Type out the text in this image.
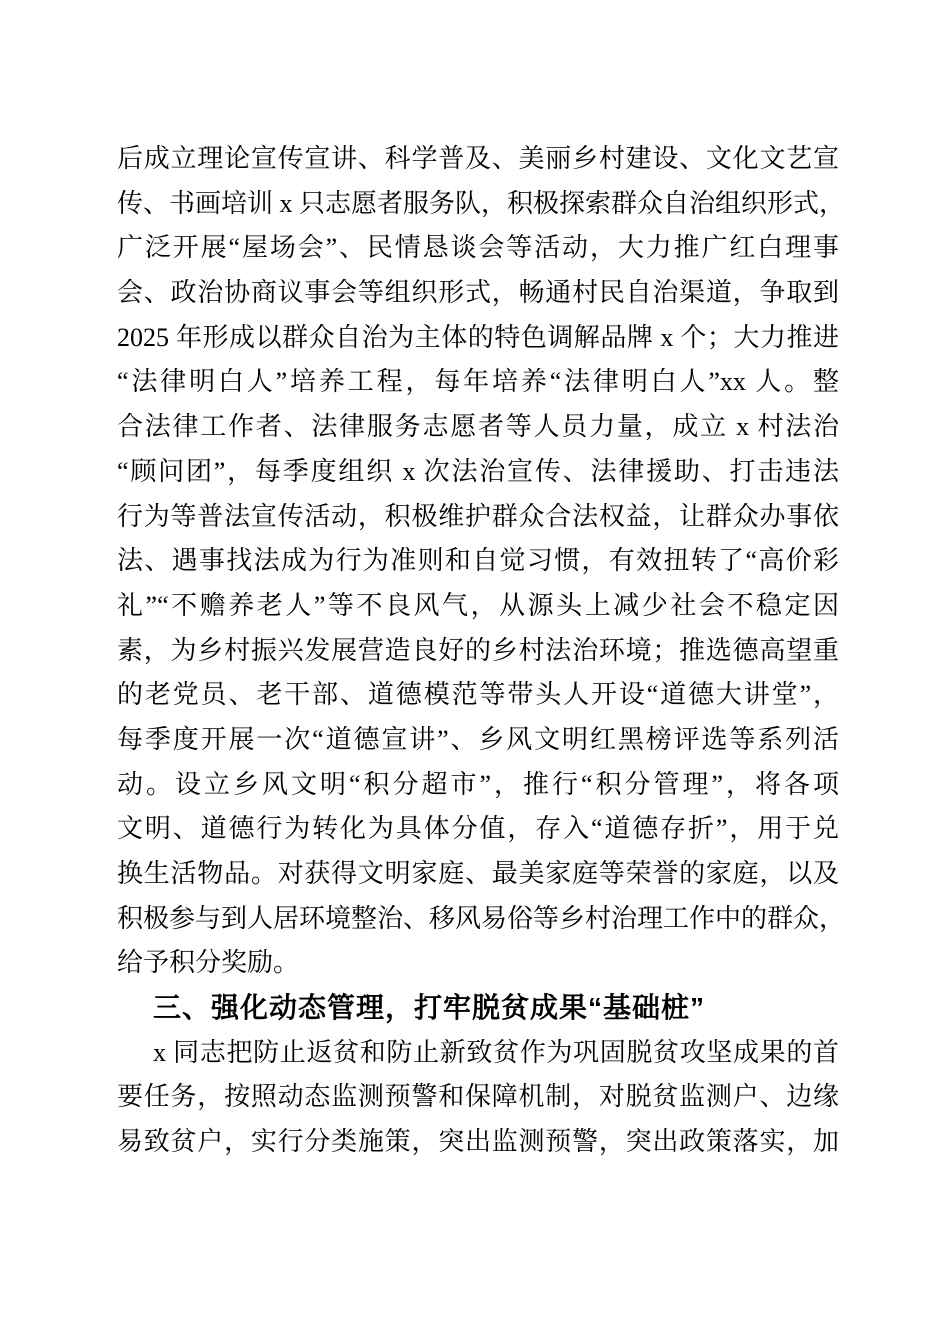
后成立理论宣传宣讲、科学普及、美丽乡村建设、文化文艺宣
传、书画培训 x 只志愿者服务队，积极探索群众自治组织形式，
广泛开展“屋场会”、民情恳谈会等活动，大力推广红白理事
会、政治协商议事会等组织形式，畅通村民自治渠道，争取到
2025 年形成以群众自治为主体的特色调解品牌 x 个；大力推进
“法律明白人”培养工程，每年培养“法律明白人”xx 人。整
合法律工作者、法律服务志愿者等人员力量，成立 x 村法治
“顾问团”，每季度组织 x 次法治宣传、法律援助、打击违法
行为等普法宣传活动，积极维护群众合法权益，让群众办事依
法、遇事找法成为行为准则和自觉习惯，有效扭转了“高价彩
礼”“不赡养老人”等不良风气，从源头上减少社会不稳定因
素，为乡村振兴发展营造良好的乡村法治环境；推选德高望重
的老党员、老干部、道德模范等带头人开设“道德大讲堂”，
每季度开展一次“道德宣讲”、乡风文明红黑榜评选等系列活
动。设立乡风文明“积分超市”，推行“积分管理”，将各项
文明、道德行为转化为具体分值，存入“道德存折”，用于兑
换生活物品。对获得文明家庭、最美家庭等荣誉的家庭，以及
积极参与到人居环境整治、移风易俗等乡村治理工作中的群众，
给予积分奖励。
三、强化动态管理，打牢脱贫成果“基础桩”
x 同志把防止返贫和防止新致贫作为巩固脱贫攻坚成果的首
要任务，按照动态监测预警和保障机制，对脱贫监测户、边缘
易致贫户，实行分类施策，突出监测预警，突出政策落实，加
